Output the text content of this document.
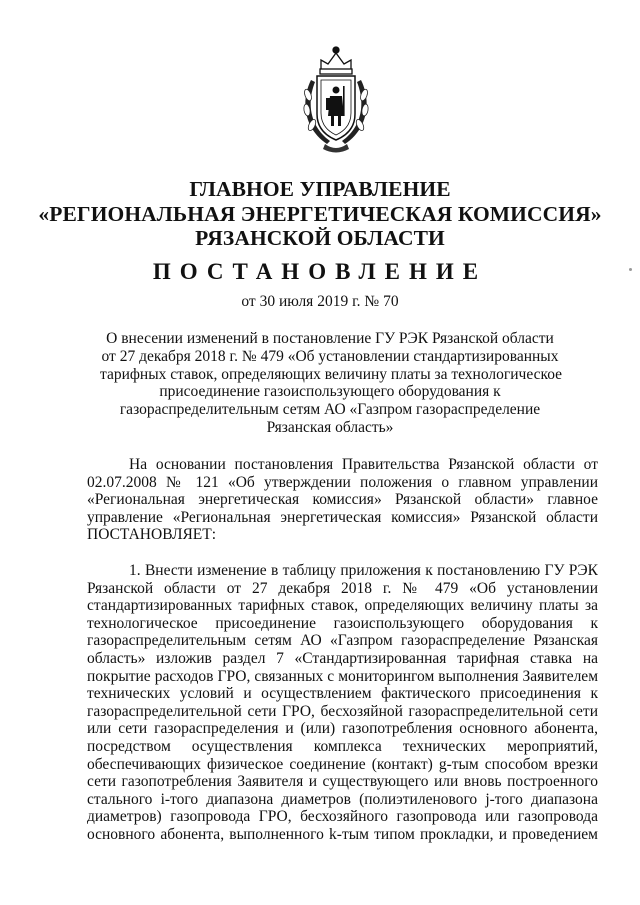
ГЛАВНОЕ УПРАВЛЕНИЕ
«РЕГИОНАЛЬНАЯ ЭНЕРГЕТИЧЕСКАЯ КОМИССИЯ»
РЯЗАНСКОЙ ОБЛАСТИ
ПОСТАНОВЛЕНИЕ
от 30 июля 2019 г. № 70
О внесении изменений в постановление ГУ РЭК Рязанской области
от 27 декабря 2018 г. № 479 «Об установлении стандартизированных
тарифных ставок, определяющих величину платы за технологическое
присоединение газоиспользующего оборудования к
газораспределительным сетям АО «Газпром газораспределение
Рязанская область»
На основании постановления Правительства Рязанской области от
02.07.2008 № 121 «Об утверждении положения о главном управлении
«Региональная энергетическая комиссия» Рязанской области» главное
управление «Региональная энергетическая комиссия» Рязанской области
ПОСТАНОВЛЯЕТ:
1. Внести изменение в таблицу приложения к постановлению ГУ РЭК
Рязанской области от 27 декабря 2018 г. № 479 «Об установлении
стандартизированных тарифных ставок, определяющих величину платы за
технологическое присоединение газоиспользующего оборудования к
газораспределительным сетям АО «Газпром газораспределение Рязанская
область» изложив раздел 7 «Стандартизированная тарифная ставка на
покрытие расходов ГРО, связанных с мониторингом выполнения Заявителем
технических условий и осуществлением фактического присоединения к
газораспределительной сети ГРО, бесхозяйной газораспределительной сети
или сети газораспределения и (или) газопотребления основного абонента,
посредством осуществления комплекса технических мероприятий,
обеспечивающих физическое соединение (контакт) g-тым способом врезки
сети газопотребления Заявителя и существующего или вновь построенного
стального i-того диапазона диаметров (полиэтиленового j-того диапазона
диаметров) газопровода ГРО, бесхозяйного газопровода или газопровода
основного абонента, выполненного k-тым типом прокладки, и проведением
